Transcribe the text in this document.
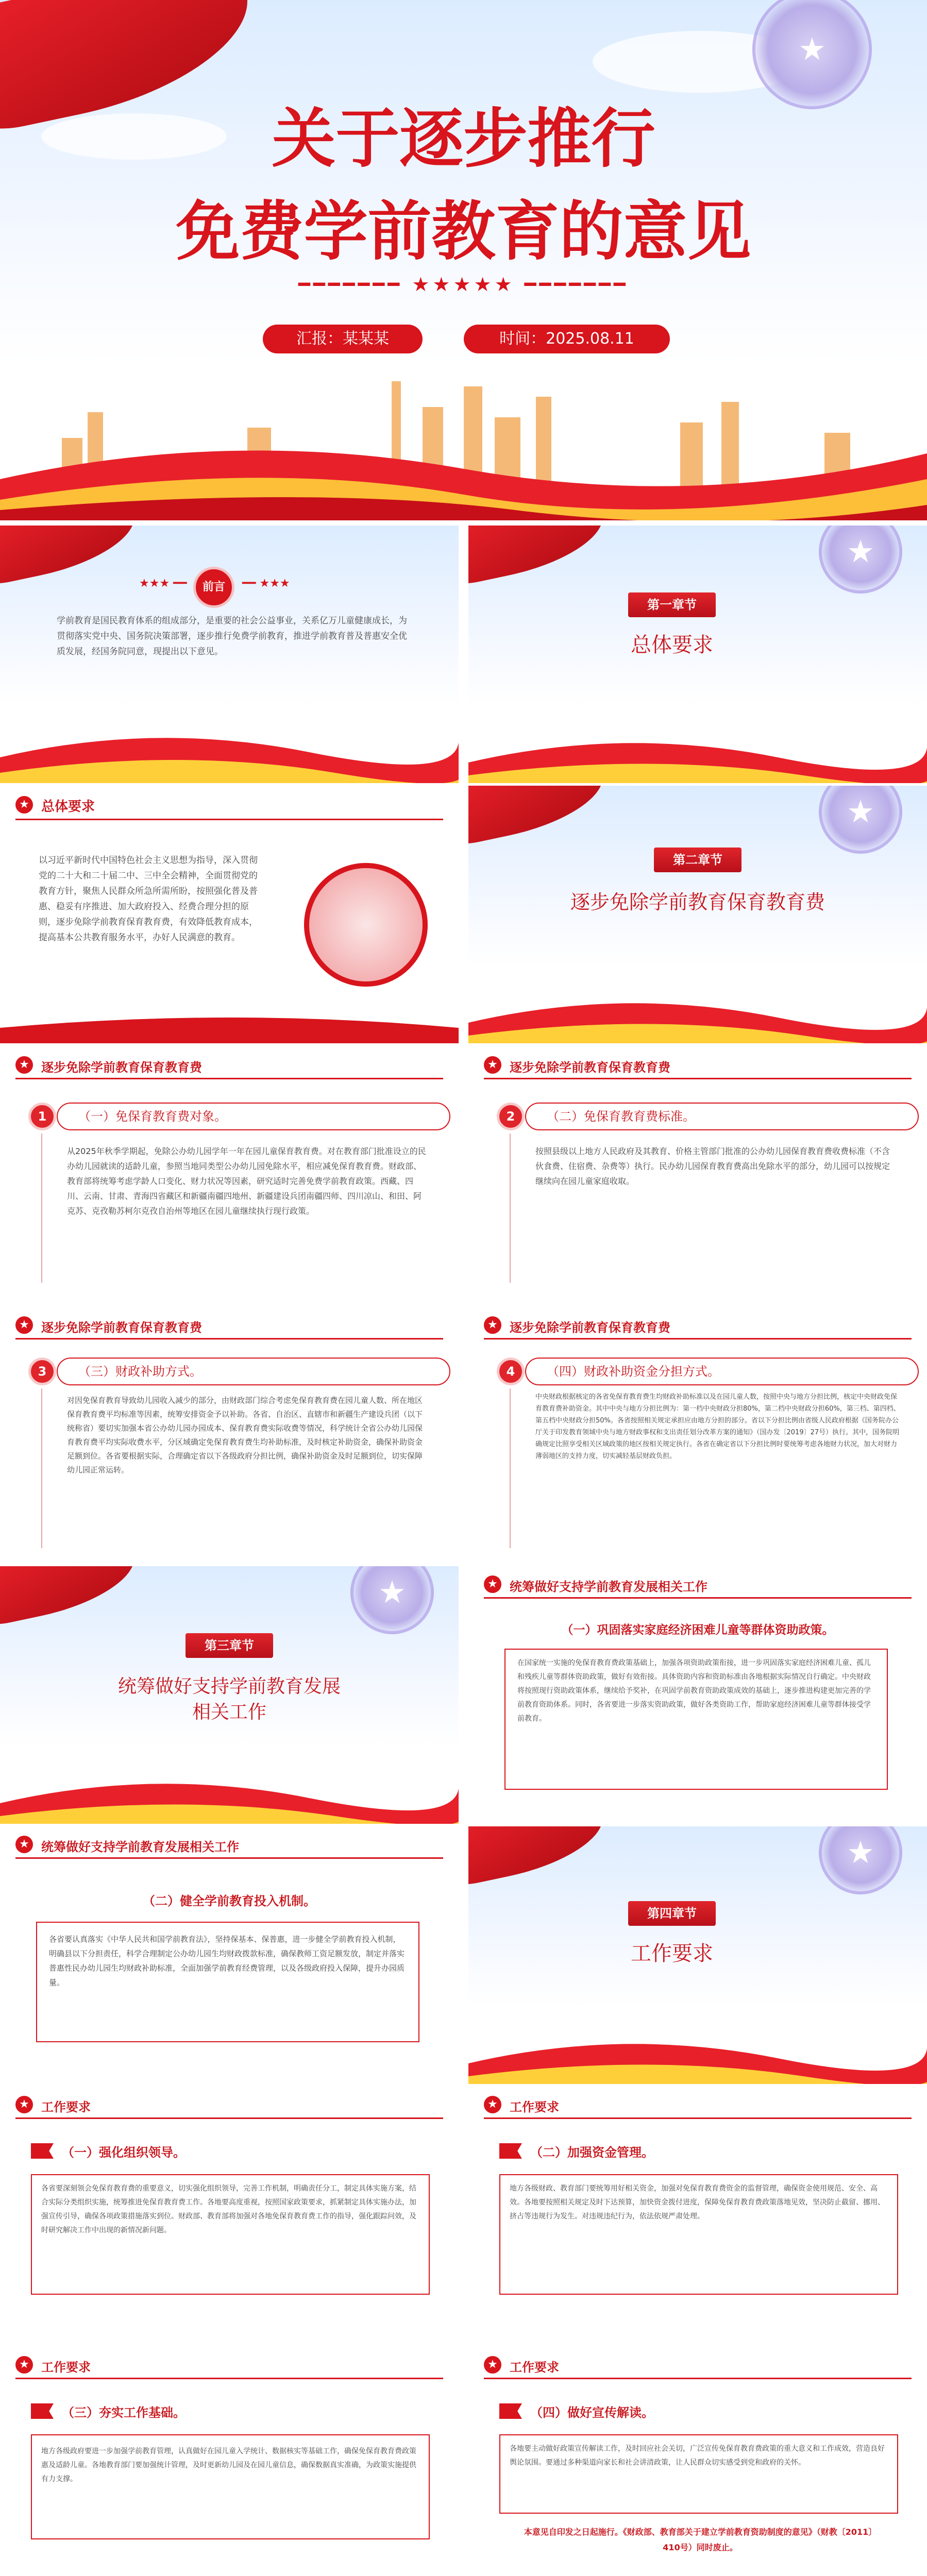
★
关于逐步推行
免费学前教育的意见
━━━━━━━ ★★★★★ ━━━━━━━
汇报：某某某	时间：2025.08.11
前言
★★★ ━━	━━ ★★★
学前教育是国民教育体系的组成部分，是重要的社会公益事业，关系亿万儿童健康成长，为贯彻落实党中央、国务院决策部署，逐步推行免费学前教育，推进学前教育普及普惠安全优质发展，经国务院同意，现提出以下意见。
★
第一章节
总体要求
★ 总体要求
以习近平新时代中国特色社会主义思想为指导，深入贯彻党的二十大和二十届二中、三中全会精神，全面贯彻党的教育方针，聚焦人民群众所急所需所盼，按照强化普及普惠、稳妥有序推进、加大政府投入、经费合理分担的原则，逐步免除学前教育保育教育费，有效降低教育成本，提高基本公共教育服务水平，办好人民满意的教育。
★
第二章节
逐步免除学前教育保育教育费
★ 逐步免除学前教育保育教育费
1	（一）免保育教育费对象。
从2025年秋季学期起，免除公办幼儿园学年一年在园儿童保育教育费。对在教育部门批准设立的民办幼儿园就读的适龄儿童，参照当地同类型公办幼儿园免除水平，相应减免保育教育费。财政部、教育部将统筹考虑学龄人口变化、财力状况等因素，研究适时完善免费学前教育政策。西藏、四川、云南、甘肃、青海四省藏区和新疆南疆四地州、新疆建设兵团南疆四师、四川凉山、和田、阿克苏、克孜勒苏柯尔克孜自治州等地区在园儿童继续执行现行政策。
★ 逐步免除学前教育保育教育费
2	（二）免保育教育费标准。
按照县级以上地方人民政府及其教育、价格主管部门批准的公办幼儿园保育教育费收费标准（不含伙食费、住宿费、杂费等）执行。民办幼儿园保育教育费高出免除水平的部分，幼儿园可以按规定继续向在园儿童家庭收取。
★ 逐步免除学前教育保育教育费
3	（三）财政补助方式。
对因免保育教育导致幼儿园收入减少的部分，由财政部门综合考虑免保育教育费在园儿童人数、所在地区保育教育费平均标准等因素，统筹安排资金予以补助。各省、自治区、直辖市和新疆生产建设兵团（以下统称省）要切实加强本省公办幼儿园办园成本、保育教育费实际收费等情况，科学统计全省公办幼儿园保育教育费平均实际收费水平，分区域确定免保育教育费生均补助标准，及时核定补助资金，确保补助资金足额到位。各省要根据实际，合理确定省以下各级政府分担比例，确保补助资金及时足额到位，切实保障幼儿园正常运转。
★ 逐步免除学前教育保育教育费
4	（四）财政补助资金分担方式。
中央财政根据核定的各省免保育教育费生均财政补助标准以及在园儿童人数，按照中央与地方分担比例，核定中央财政免保育教育费补助资金。其中中央与地方分担比例为：第一档中央财政分担80%，第二档中央财政分担60%，第三档、第四档、第五档中央财政分担50%。各省按照相关规定承担应由地方分担的部分。省以下分担比例由省级人民政府根据《国务院办公厅关于印发教育领域中央与地方财政事权和支出责任划分改革方案的通知》（国办发〔2019〕27号）执行。其中，国务院明确规定比照享受相关区域政策的地区按相关规定执行。各省在确定省以下分担比例时要统筹考虑各地财力状况，加大对财力薄弱地区的支持力度，切实减轻基层财政负担。
★
第三章节
统筹做好支持学前教育发展
相关工作
★ 统筹做好支持学前教育发展相关工作
（一）巩固落实家庭经济困难儿童等群体资助政策。
在国家统一实施的免保育教育费政策基础上，加强各项资助政策衔接，进一步巩固落实家庭经济困难儿童、孤儿和残疾儿童等群体资助政策，做好有效衔接。具体资助内容和资助标准由各地根据实际情况自行确定。中央财政将按照现行资助政策体系，继续给予奖补，在巩固学前教育资助政策成效的基础上，逐步推进构建更加完善的学前教育资助体系。同时，各省要进一步落实资助政策，做好各类资助工作，帮助家庭经济困难儿童等群体接受学前教育。
★ 统筹做好支持学前教育发展相关工作
（二）健全学前教育投入机制。
各省要认真落实《中华人民共和国学前教育法》，坚持保基本、保普惠，进一步健全学前教育投入机制，明确县以下分担责任，科学合理制定公办幼儿园生均财政拨款标准，确保教师工资足额发放，制定并落实普惠性民办幼儿园生均财政补助标准，全面加强学前教育经费管理，以及各级政府投入保障，提升办园质量。
★
第四章节
工作要求
★ 工作要求
（一）强化组织领导。
各省要深刻领会免保育教育费的重要意义，切实强化组织领导，完善工作机制，明确责任分工，制定具体实施方案，结合实际分类组织实施，统筹推进免保育教育费工作。各地要高度重视，按照国家政策要求，抓紧制定具体实施办法，加强宣传引导，确保各项政策措施落实到位。财政部、教育部将加强对各地免保育教育费工作的指导，强化跟踪问效，及时研究解决工作中出现的新情况新问题。
★ 工作要求
（二）加强资金管理。
地方各级财政、教育部门要统筹用好相关资金，加强对免保育教育费资金的监督管理，确保资金使用规范、安全、高效。各地要按照相关规定及时下达预算，加快资金拨付进度，保障免保育教育费政策落地见效，坚决防止截留、挪用、挤占等违规行为发生。对违规违纪行为，依法依规严肃处理。
★ 工作要求
（三）夯实工作基础。
地方各级政府要进一步加强学前教育管理，认真做好在园儿童入学统计、数据核实等基础工作，确保免保育教育费政策惠及适龄儿童。各地教育部门要加强统计管理，及时更新幼儿园及在园儿童信息，确保数据真实准确，为政策实施提供有力支撑。
★ 工作要求
（四）做好宣传解读。
各地要主动做好政策宣传解读工作，及时回应社会关切，广泛宣传免保育教育费政策的重大意义和工作成效，营造良好舆论氛围。要通过多种渠道向家长和社会讲清政策，让人民群众切实感受到党和政府的关怀。
本意见自印发之日起施行。《财政部、教育部关于建立学前教育资助制度的意见》（财教〔2011〕410号）同时废止。
